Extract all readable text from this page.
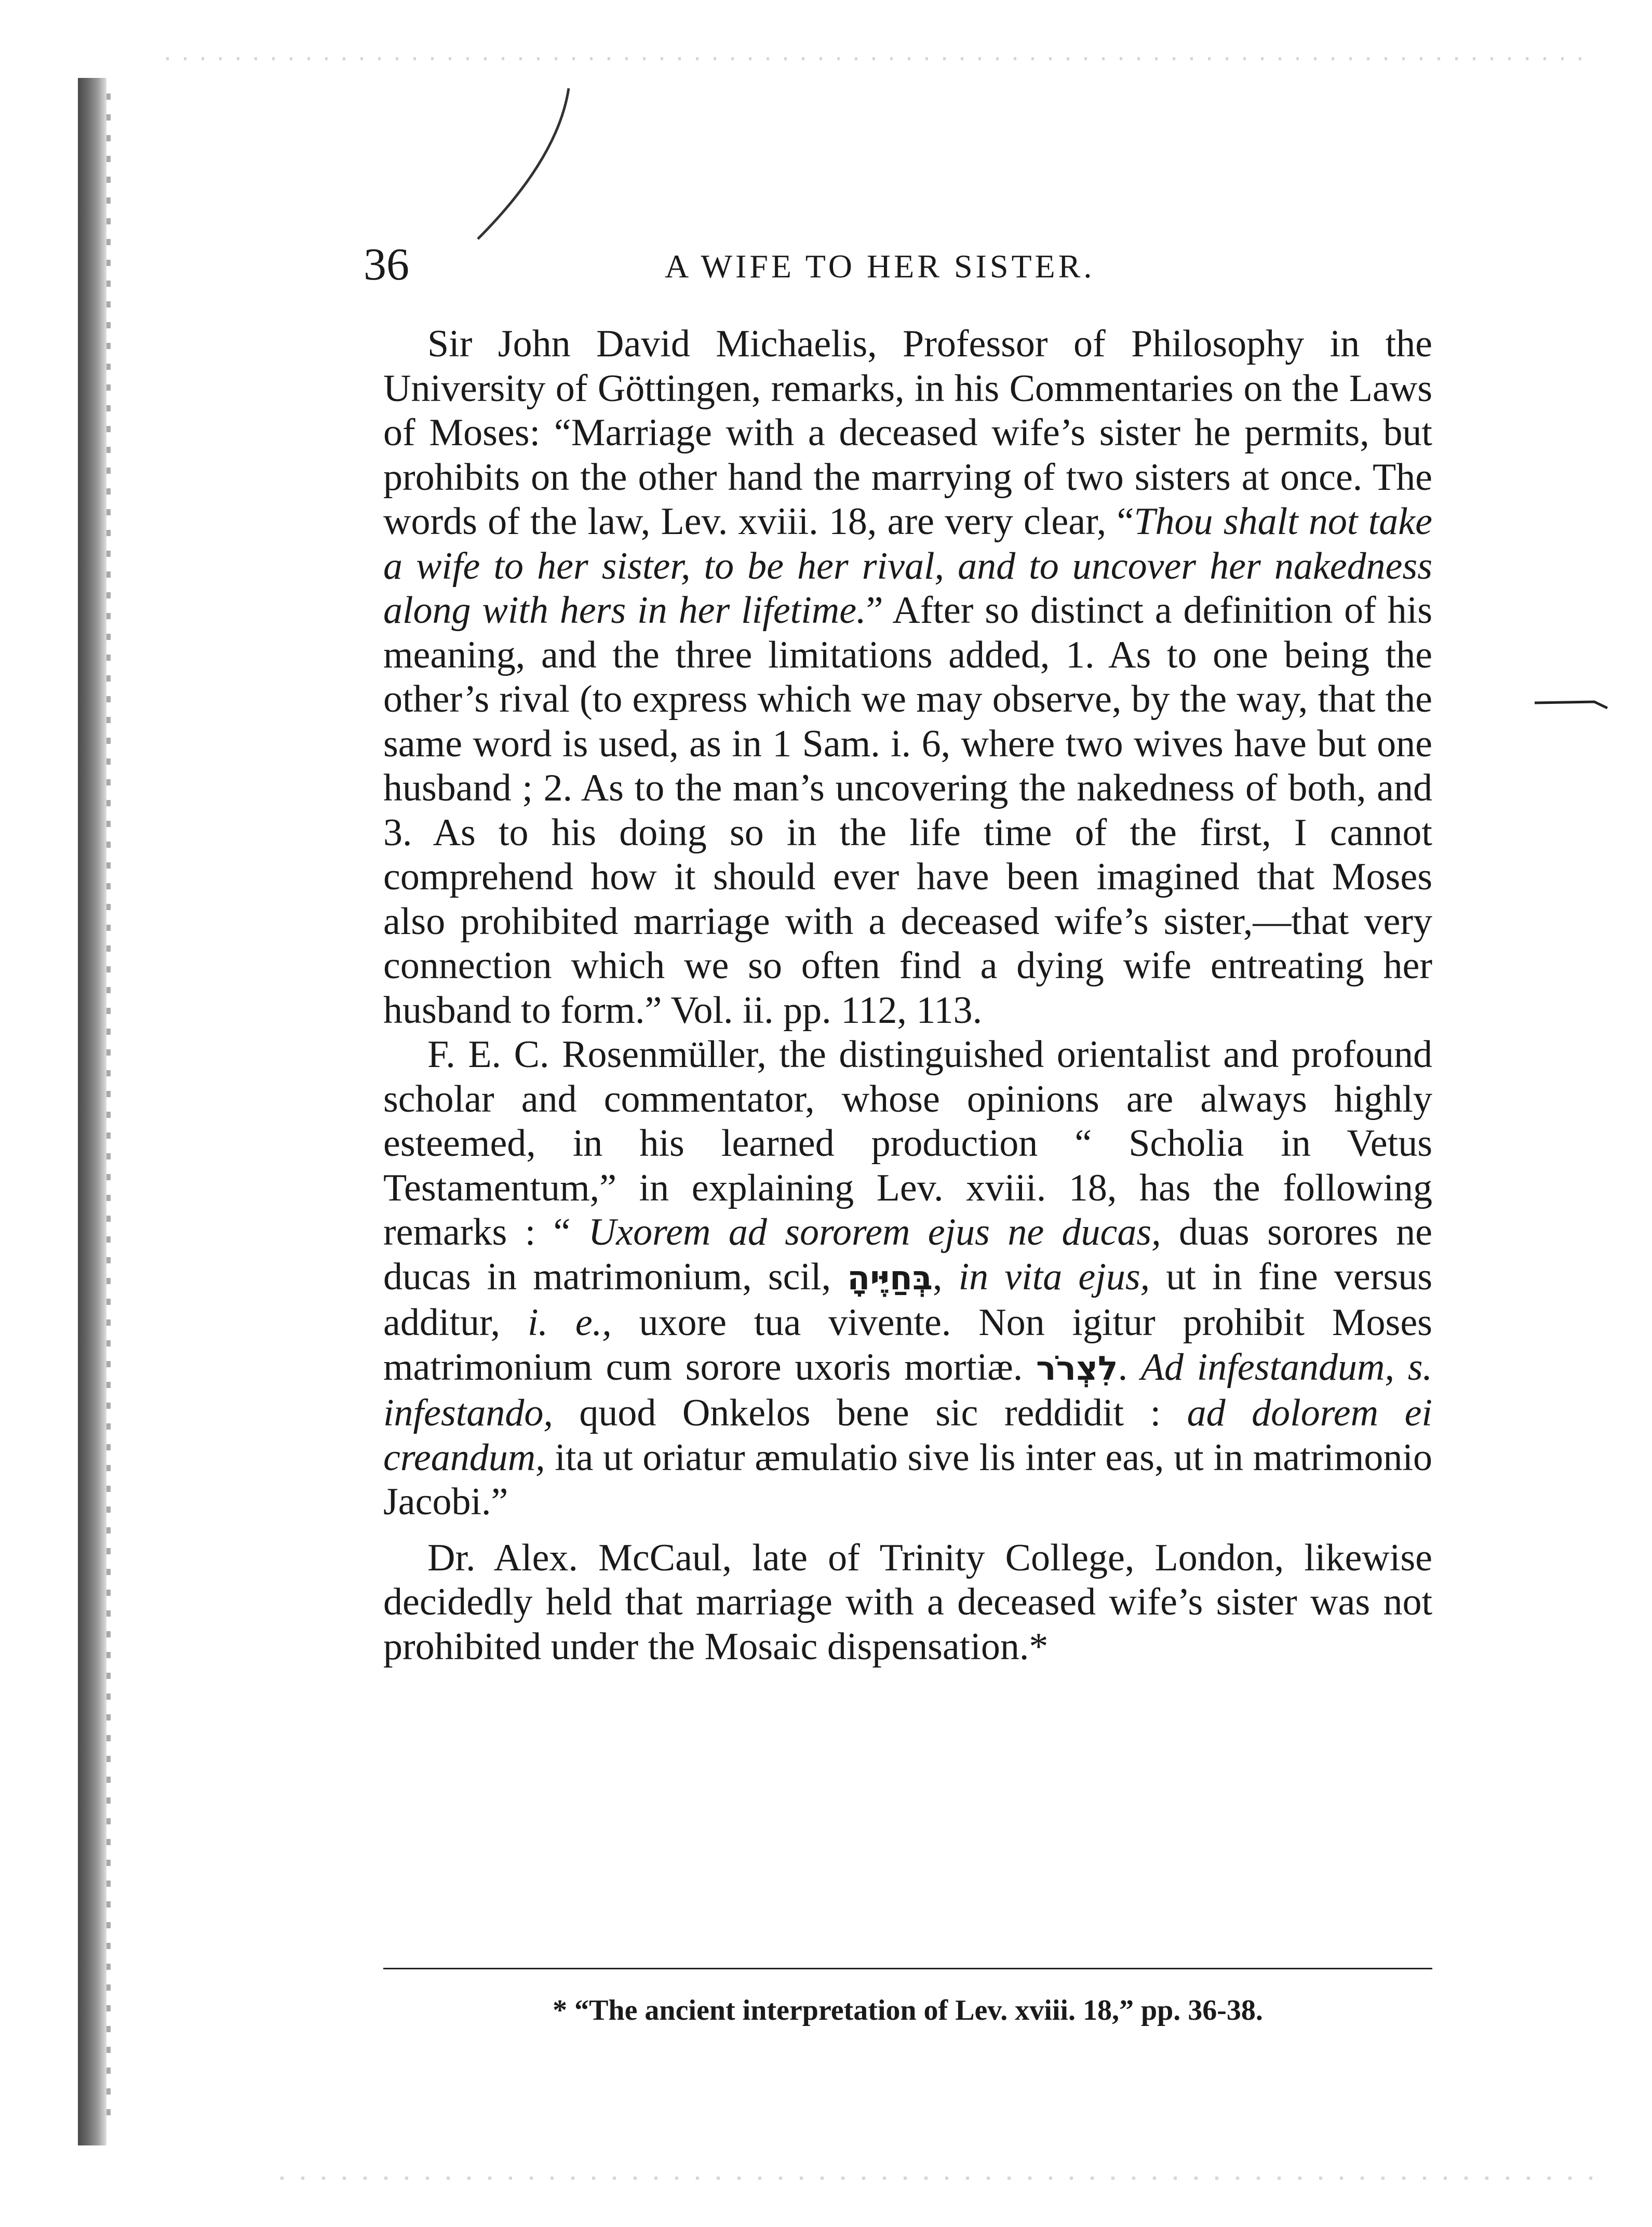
36	A WIFE TO HER SISTER.

Sir John David Michaelis, Professor of Philosophy in the University of Göttingen, remarks, in his Commentaries on the Laws of Moses: “Marriage with a deceased wife’s sister he permits, but prohibits on the other hand the marrying of two sisters at once. The words of the law, Lev. xviii. 18, are very clear, “Thou shalt not take a wife to her sister, to be her rival, and to uncover her nakedness along with hers in her lifetime.” After so distinct a definition of his meaning, and the three limitations added, 1. As to one being the other’s rival (to express which we may observe, by the way, that the same word is used, as in 1 Sam. i. 6, where two wives have but one husband ; 2. As to the man’s uncovering the nakedness of both, and 3. As to his doing so in the life time of the first, I cannot comprehend how it should ever have been imagined that Moses also prohibited marriage with a deceased wife’s sister,—that very connection which we so often find a dying wife entreating her husband to form.” Vol. ii. pp. 112, 113.

F. E. C. Rosenmüller, the distinguished orientalist and profound scholar and commentator, whose opinions are always highly esteemed, in his learned production “ Scholia in Vetus Testamentum,” in explaining Lev. xviii. 18, has the following remarks : “ Uxorem ad sororem ejus ne ducas, duas sorores ne ducas in matrimonium, scil, בְּחַיֶּיהָ, in vita ejus, ut in fine versus additur, i. e., uxore tua vivente. Non igitur prohibit Moses matrimonium cum sorore uxoris mortiæ. לִצְרֹר. Ad infestandum, s. infestando, quod Onkelos bene sic reddidit : ad dolorem ei creandum, ita ut oriatur æmulatio sive lis inter eas, ut in matrimonio Jacobi.”

Dr. Alex. McCaul, late of Trinity College, London, likewise decidedly held that marriage with a deceased wife’s sister was not prohibited under the Mosaic dispensation.*

* “The ancient interpretation of Lev. xviii. 18,” pp. 36-38.
